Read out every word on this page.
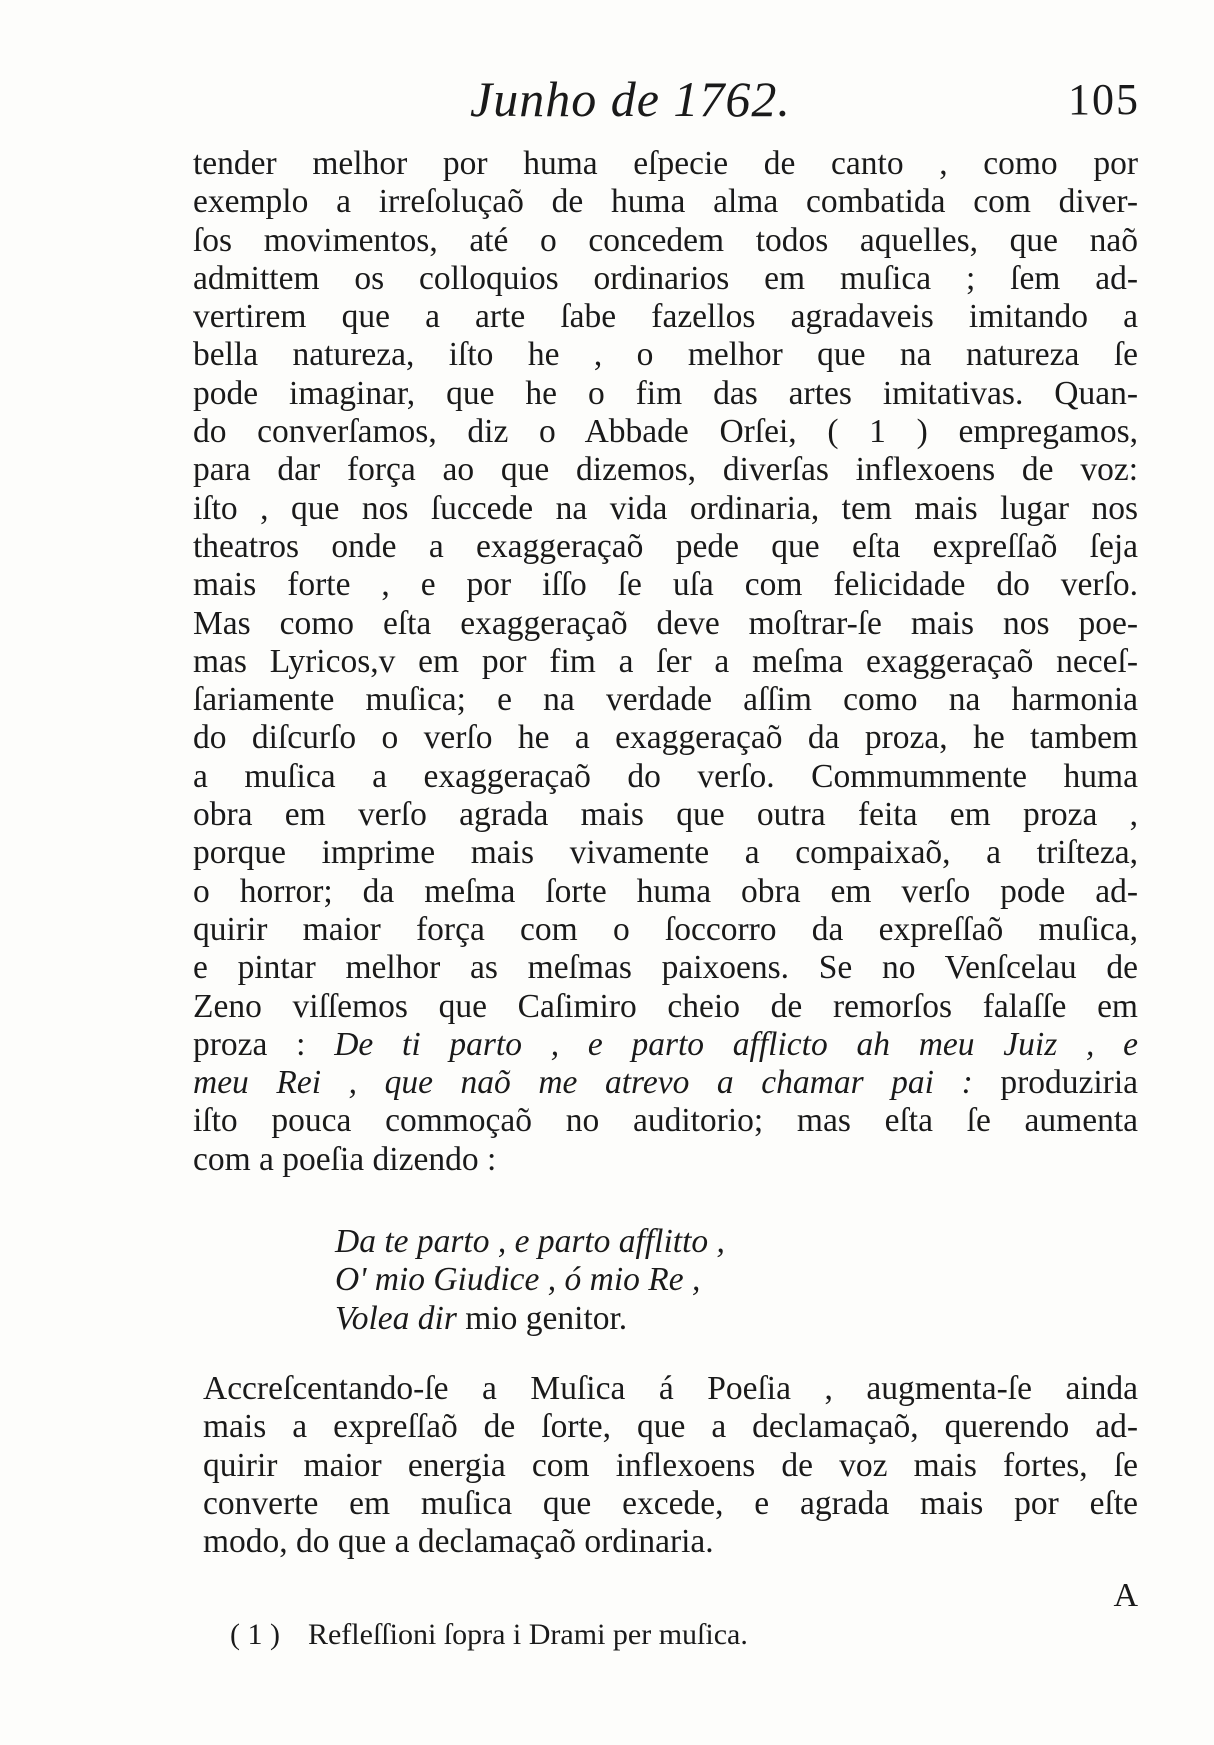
Junho de 1762.	105
tender melhor por huma eſpecie de canto , como por
exemplo a irreſoluçaõ de huma alma combatida com diver-
ſos movimentos, até o concedem todos aquelles, que naõ
admittem os colloquios ordinarios em muſica ; ſem ad-
vertirem que a arte ſabe fazellos agradaveis imitando a
bella natureza, iſto he , o melhor que na natureza ſe
pode imaginar, que he o fim das artes imitativas. Quan-
do converſamos, diz o Abbade Orſei, ( 1 ) empregamos,
para dar força ao que dizemos, diverſas inflexoens de voz:
iſto , que nos ſuccede na vida ordinaria, tem mais lugar nos
theatros onde a exaggeraçaõ pede que eſta expreſſaõ ſeja
mais forte , e por iſſo ſe uſa com felicidade do verſo.
Mas como eſta exaggeraçaõ deve moſtrar-ſe mais nos poe-
mas Lyricos,v em por fim a ſer a meſma exaggeraçaõ neceſ-
ſariamente muſica; e na verdade aſſim como na harmonia
do diſcurſo o verſo he a exaggeraçaõ da proza, he tambem
a muſica a exaggeraçaõ do verſo. Commummente huma
obra em verſo agrada mais que outra feita em proza ,
porque imprime mais vivamente a compaixaõ, a triſteza,
o horror; da meſma ſorte huma obra em verſo pode ad-
quirir maior força com o ſoccorro da expreſſaõ muſica,
e pintar melhor as meſmas paixoens. Se no Venſcelau de
Zeno viſſemos que Caſimiro cheio de remorſos falaſſe em
proza : De ti parto , e parto afflicto ah meu Juiz , e
meu Rei , que naõ me atrevo a chamar pai : produziria
iſto pouca commoçaõ no auditorio; mas eſta ſe aumenta
com a poeſia dizendo :
Da te parto , e parto afflitto ,
O' mio Giudice , ó mio Re ,
Volea dir mio genitor.
Accreſcentando-ſe a Muſica á Poeſia , augmenta-ſe ainda
mais a expreſſaõ de ſorte, que a declamaçaõ, querendo ad-
quirir maior energia com inflexoens de voz mais fortes, ſe
converte em muſica que excede, e agrada mais por eſte
modo, do que a declamaçaõ ordinaria.
A
( 1 ) Refleſſioni ſopra i Drami per muſica.
